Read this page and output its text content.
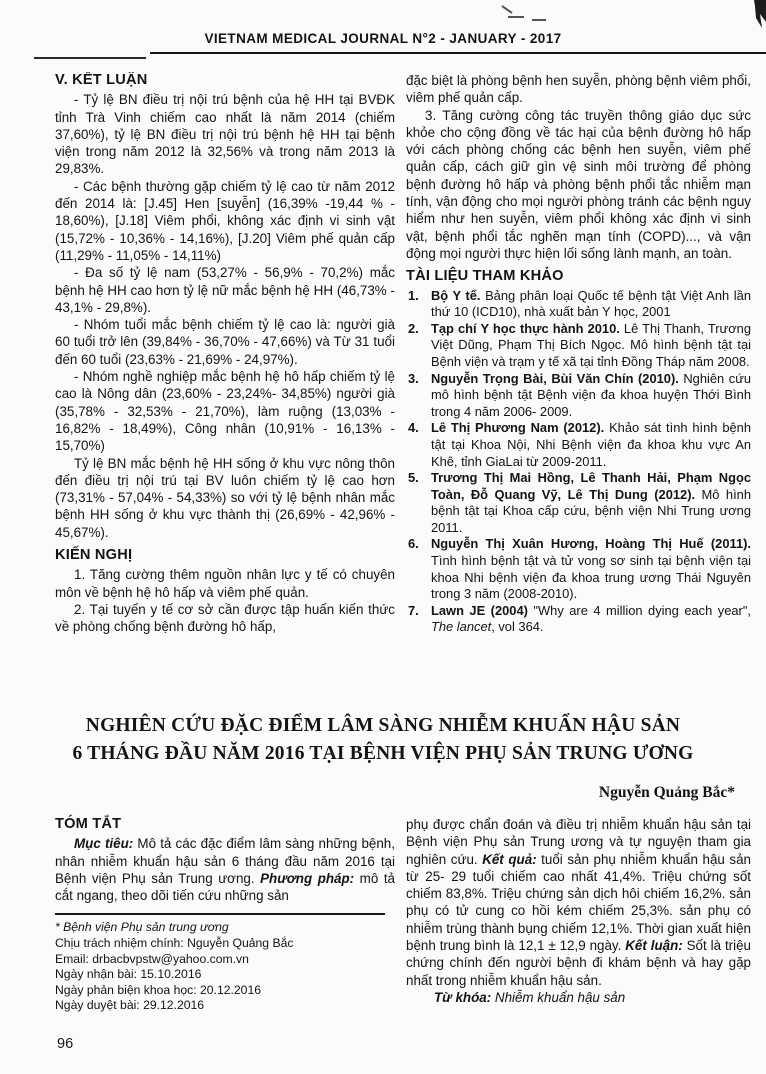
VIETNAM MEDICAL JOURNAL N°2 - JANUARY - 2017
V. KẾT LUẬN

- Tỷ lệ BN điều trị nội trú bệnh của hệ HH tại BVĐK tỉnh Trà Vinh chiếm cao nhất là năm 2014 (chiếm 37,60%), tỷ lệ BN điều trị nội trú bệnh hệ HH tại bệnh viện trong năm 2012 là 32,56% và trong năm 2013 là 29,83%.

- Các bệnh thường gặp chiếm tỷ lệ cao từ năm 2012 đến 2014 là: [J.45] Hen [suyễn] (16,39% -19,44 % - 18,60%), [J.18] Viêm phổi, không xác định vi sinh vật (15,72% - 10,36% - 14,16%), [J.20] Viêm phế quản cấp (11,29% - 11,05% - 14,11%)

- Đa số tỷ lệ nam (53,27% - 56,9% - 70,2%) mắc bệnh hệ HH cao hơn tỷ lệ nữ mắc bệnh hệ HH (46,73% - 43,1% - 29,8%).

- Nhóm tuổi mắc bệnh chiếm tỷ lệ cao là: người già 60 tuổi trở lên (39,84% - 36,70% - 47,66%) và Từ 31 tuổi đến 60 tuổi (23,63% - 21,69% - 24,97%).

- Nhóm nghề nghiệp mắc bệnh hệ hô hấp chiếm tỷ lệ cao là Nông dân (23,60% - 23,24%- 34,85%) người già (35,78% - 32,53% - 21,70%), làm ruộng (13,03% - 16,82% - 18,49%), Công nhân (10,91% - 16,13% - 15,70%)

Tỷ lệ BN mắc bệnh hệ HH sống ở khu vực nông thôn đến điều trị nội trú tại BV luôn chiếm tỷ lệ cao hơn (73,31% - 57,04% - 54,33%) so với tỷ lệ bệnh nhân mắc bệnh HH sống ở khu vực thành thị (26,69% - 42,96% - 45,67%).

KIẾN NGHỊ

1. Tăng cường thêm nguồn nhân lực y tế có chuyên môn về bệnh hệ hô hấp và viêm phế quản.

2. Tại tuyến y tế cơ sở cần được tập huấn kiến thức về phòng chống bệnh đường hô hấp,

đặc biệt là phòng bệnh hen suyễn, phòng bệnh viêm phổi, viêm phế quản cấp.

3. Tăng cường công tác truyền thông giáo dục sức khỏe cho cộng đồng về tác hại của bệnh đường hô hấp với cách phòng chống các bệnh hen suyễn, viêm phế quản cấp, cách giữ gìn vệ sinh môi trường để phòng bệnh đường hô hấp và phòng bệnh phổi tắc nhiễm mạn tính, vận động cho mọi người phòng tránh các bệnh nguy hiểm như hen suyễn, viêm phổi không xác định vi sinh vật, bệnh phổi tắc nghẽn mạn tính (COPD)..., và vận động mọi người thực hiện lối sống lành mạnh, an toàn.

TÀI LIỆU THAM KHẢO
1. Bộ Y tế. Bảng phân loại Quốc tế bệnh tật Việt Anh lần thứ 10 (ICD10), nhà xuất bản Y học, 2001
2. Tạp chí Y học thực hành 2010. Lê Thị Thanh, Trương Việt Dũng, Phạm Thị Bích Ngọc. Mô hình bệnh tật tại Bệnh viện và trạm y tế xã tại tỉnh Đồng Tháp năm 2008.
3. Nguyễn Trọng Bài, Bùi Văn Chín (2010). Nghiên cứu mô hình bệnh tật Bệnh viện đa khoa huyện Thới Bình trong 4 năm 2006- 2009.
4. Lê Thị Phương Nam (2012). Khảo sát tình hình bệnh tật tại Khoa Nội, Nhi Bệnh viện đa khoa khu vực An Khê, tỉnh GiaLai từ 2009-2011.
5. Trương Thị Mai Hồng, Lê Thanh Hải, Phạm Ngọc Toàn, Đỗ Quang Vỹ, Lê Thị Dung (2012). Mô hình bệnh tật tại Khoa cấp cứu, bệnh viện Nhi Trung ương 2011.
6. Nguyễn Thị Xuân Hương, Hoàng Thị Huế (2011). Tình hình bệnh tật và tử vong sơ sinh tại bệnh viện tại khoa Nhi bệnh viện đa khoa trung ương Thái Nguyên trong 3 năm (2008-2010).
7. Lawn JE (2004) "Why are 4 million dying each year", The lancet, vol 364.
NGHIÊN CỨU ĐẶC ĐIỂM LÂM SÀNG NHIỄM KHUẨN HẬU SẢN
6 THÁNG ĐẦU NĂM 2016 TẠI BỆNH VIỆN PHỤ SẢN TRUNG ƯƠNG
Nguyễn Quảng Bắc*
TÓM TẮT

Mục tiêu: Mô tả các đặc điểm lâm sàng những bệnh, nhân nhiễm khuẩn hậu sản 6 tháng đầu năm 2016 tại Bệnh viện Phụ sản Trung ương. Phương pháp: mô tả cắt ngang, theo dõi tiến cứu những sản

* Bệnh viện Phụ sản trung ương
Chịu trách nhiệm chính: Nguyễn Quảng Bắc
Email: drbacbvpstw@yahoo.com.vn
Ngày nhận bài: 15.10.2016
Ngày phản biện khoa học: 20.12.2016
Ngày duyệt bài: 29.12.2016

phụ được chẩn đoán và điều trị nhiễm khuẩn hậu sản tại Bệnh viện Phụ sản Trung ương và tự nguyện tham gia nghiên cứu. Kết quả: tuổi sản phụ nhiễm khuẩn hậu sản từ 25- 29 tuổi chiếm cao nhất 41,4%. Triệu chứng sốt chiếm 83,8%. Triệu chứng sản dịch hôi chiếm 16,2%. sản phụ có tử cung co hồi kém chiếm 25,3%. sản phụ có nhiễm trùng thành bụng chiếm 12,1%. Thời gian xuất hiện bệnh trung bình là 12,1 ± 12,9 ngày. Kết luận: Sốt là triệu chứng chính đến người bệnh đi khám bệnh và hay gặp nhất trong nhiễm khuẩn hậu sản.

Từ khóa: Nhiễm khuẩn hậu sản

96
